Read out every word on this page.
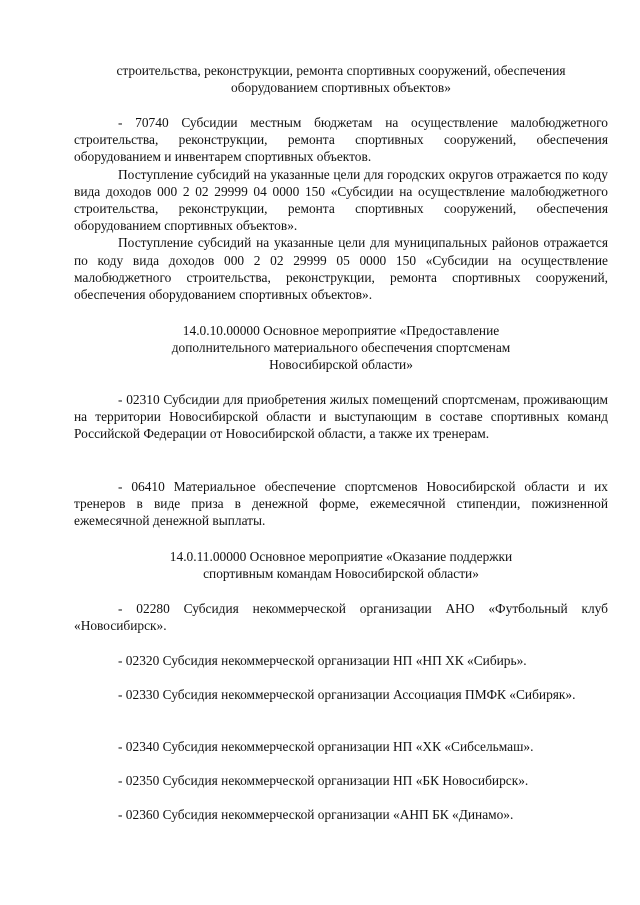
строительства, реконструкции, ремонта спортивных сооружений, обеспечения
оборудованием спортивных объектов»

- 70740 Субсидии местным бюджетам на осуществление малобюджетного строительства, реконструкции, ремонта спортивных сооружений, обеспечения оборудованием и инвентарем спортивных объектов.

Поступление субсидий на указанные цели для городских округов отражается по коду вида доходов 000 2 02 29999 04 0000 150 «Субсидии на осуществление малобюджетного строительства, реконструкции, ремонта спортивных сооружений, обеспечения оборудованием спортивных объектов».

Поступление субсидий на указанные цели для муниципальных районов отражается по коду вида доходов 000 2 02 29999 05 0000 150 «Субсидии на осуществление малобюджетного строительства, реконструкции, ремонта спортивных сооружений, обеспечения оборудованием спортивных объектов».

14.0.10.00000 Основное мероприятие «Предоставление
дополнительного материального обеспечения спортсменам
Новосибирской области»

- 02310 Субсидии для приобретения жилых помещений спортсменам, проживающим на территории Новосибирской области и выступающим в составе спортивных команд Российской Федерации от Новосибирской области, а также их тренерам.

- 06410 Материальное обеспечение спортсменов Новосибирской области и их тренеров в виде приза в денежной форме, ежемесячной стипендии, пожизненной ежемесячной денежной выплаты.

14.0.11.00000 Основное мероприятие «Оказание поддержки
спортивным командам Новосибирской области»

- 02280 Субсидия некоммерческой организации АНО «Футбольный клуб «Новосибирск».

- 02320 Субсидия некоммерческой организации НП «НП ХК «Сибирь».

- 02330 Субсидия некоммерческой организации Ассоциация ПМФК «Сибиряк».

- 02340 Субсидия некоммерческой организации НП «ХК «Сибсельмаш».

- 02350 Субсидия некоммерческой организации НП «БК Новосибирск».

- 02360 Субсидия некоммерческой организации «АНП БК «Динамо».
